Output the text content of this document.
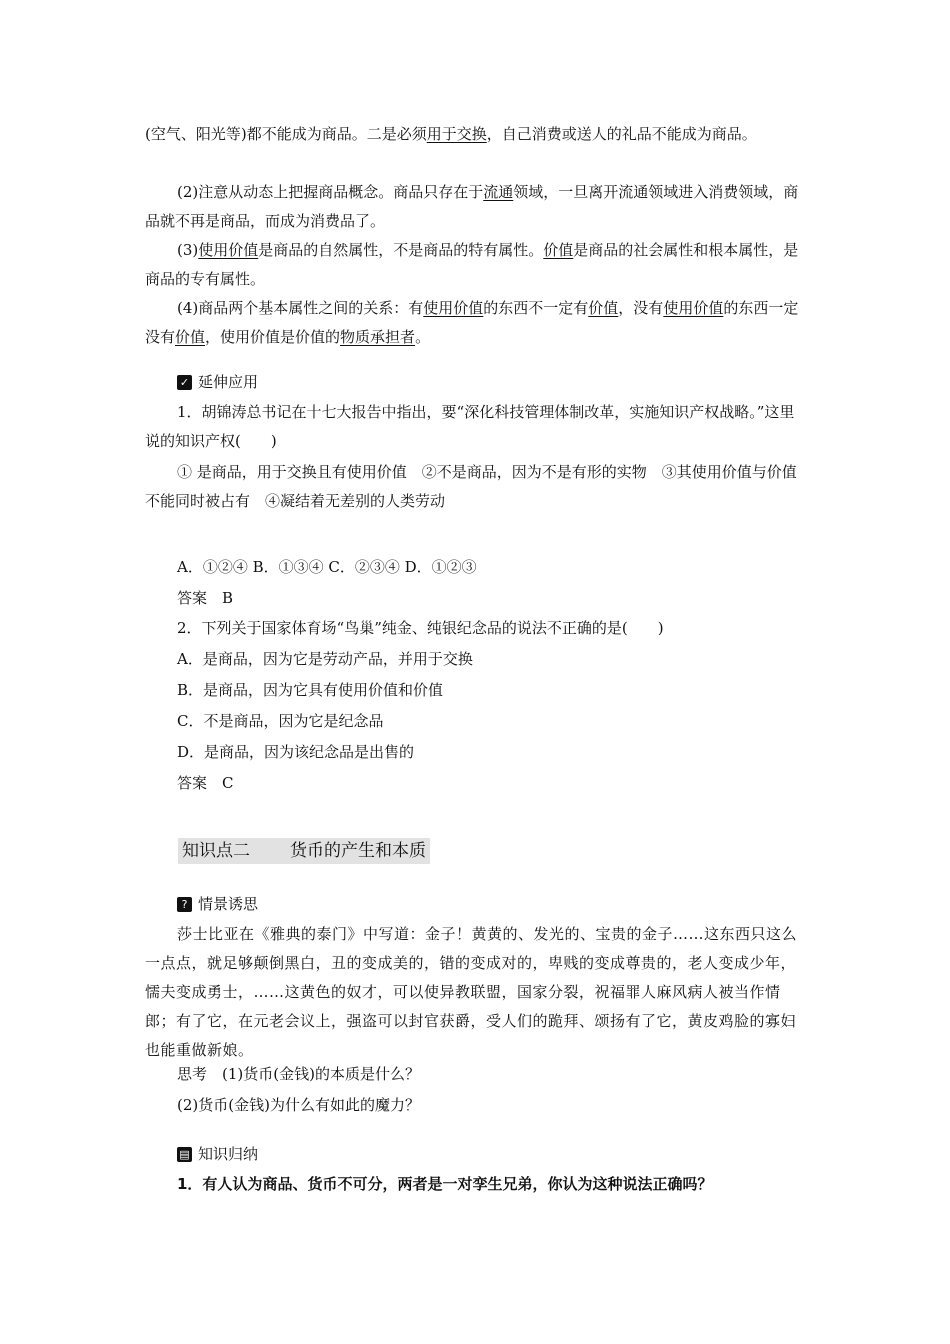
(空气、阳光等)都不能成为商品。二是必须用于交换，自己消费或送人的礼品不能成为商品。

(2)注意从动态上把握商品概念。商品只存在于流通领域，一旦离开流通领域进入消费领域，商品就不再是商品，而成为消费品了。

(3)使用价值是商品的自然属性，不是商品的特有属性。价值是商品的社会属性和根本属性，是商品的专有属性。

(4)商品两个基本属性之间的关系：有使用价值的东西不一定有价值，没有使用价值的东西一定没有价值，使用价值是价值的物质承担者。

✓ 延伸应用

1．胡锦涛总书记在十七大报告中指出，要“深化科技管理体制改革，实施知识产权战略。”这里说的知识产权(　　)

① 是商品，用于交换且有使用价值　②不是商品，因为不是有形的实物　③其使用价值与价值不能同时被占有　④凝结着无差别的人类劳动

A．①②④ B．①③④ C．②③④ D．①②③

答案　B

2．下列关于国家体育场“鸟巢”纯金、纯银纪念品的说法不正确的是(　　)

A．是商品，因为它是劳动产品，并用于交换

B．是商品，因为它具有使用价值和价值

C．不是商品，因为它是纪念品

D．是商品，因为该纪念品是出售的

答案　C

知识点二 货币的产生和本质
? 情景诱思

莎士比亚在《雅典的泰门》中写道：金子！黄黄的、发光的、宝贵的金子……这东西只这么一点点，就足够颠倒黑白，丑的变成美的，错的变成对的，卑贱的变成尊贵的，老人变成少年，懦夫变成勇士，……这黄色的奴才，可以使异教联盟，国家分裂，祝福罪人麻风病人被当作情郎；有了它，在元老会议上，强盗可以封官获爵，受人们的跪拜、颂扬有了它，黄皮鸡脸的寡妇也能重做新娘。

思考　(1)货币(金钱)的本质是什么？

(2)货币(金钱)为什么有如此的魔力？

▤ 知识归纳

1．有人认为商品、货币不可分，两者是一对孪生兄弟，你认为这种说法正确吗？
